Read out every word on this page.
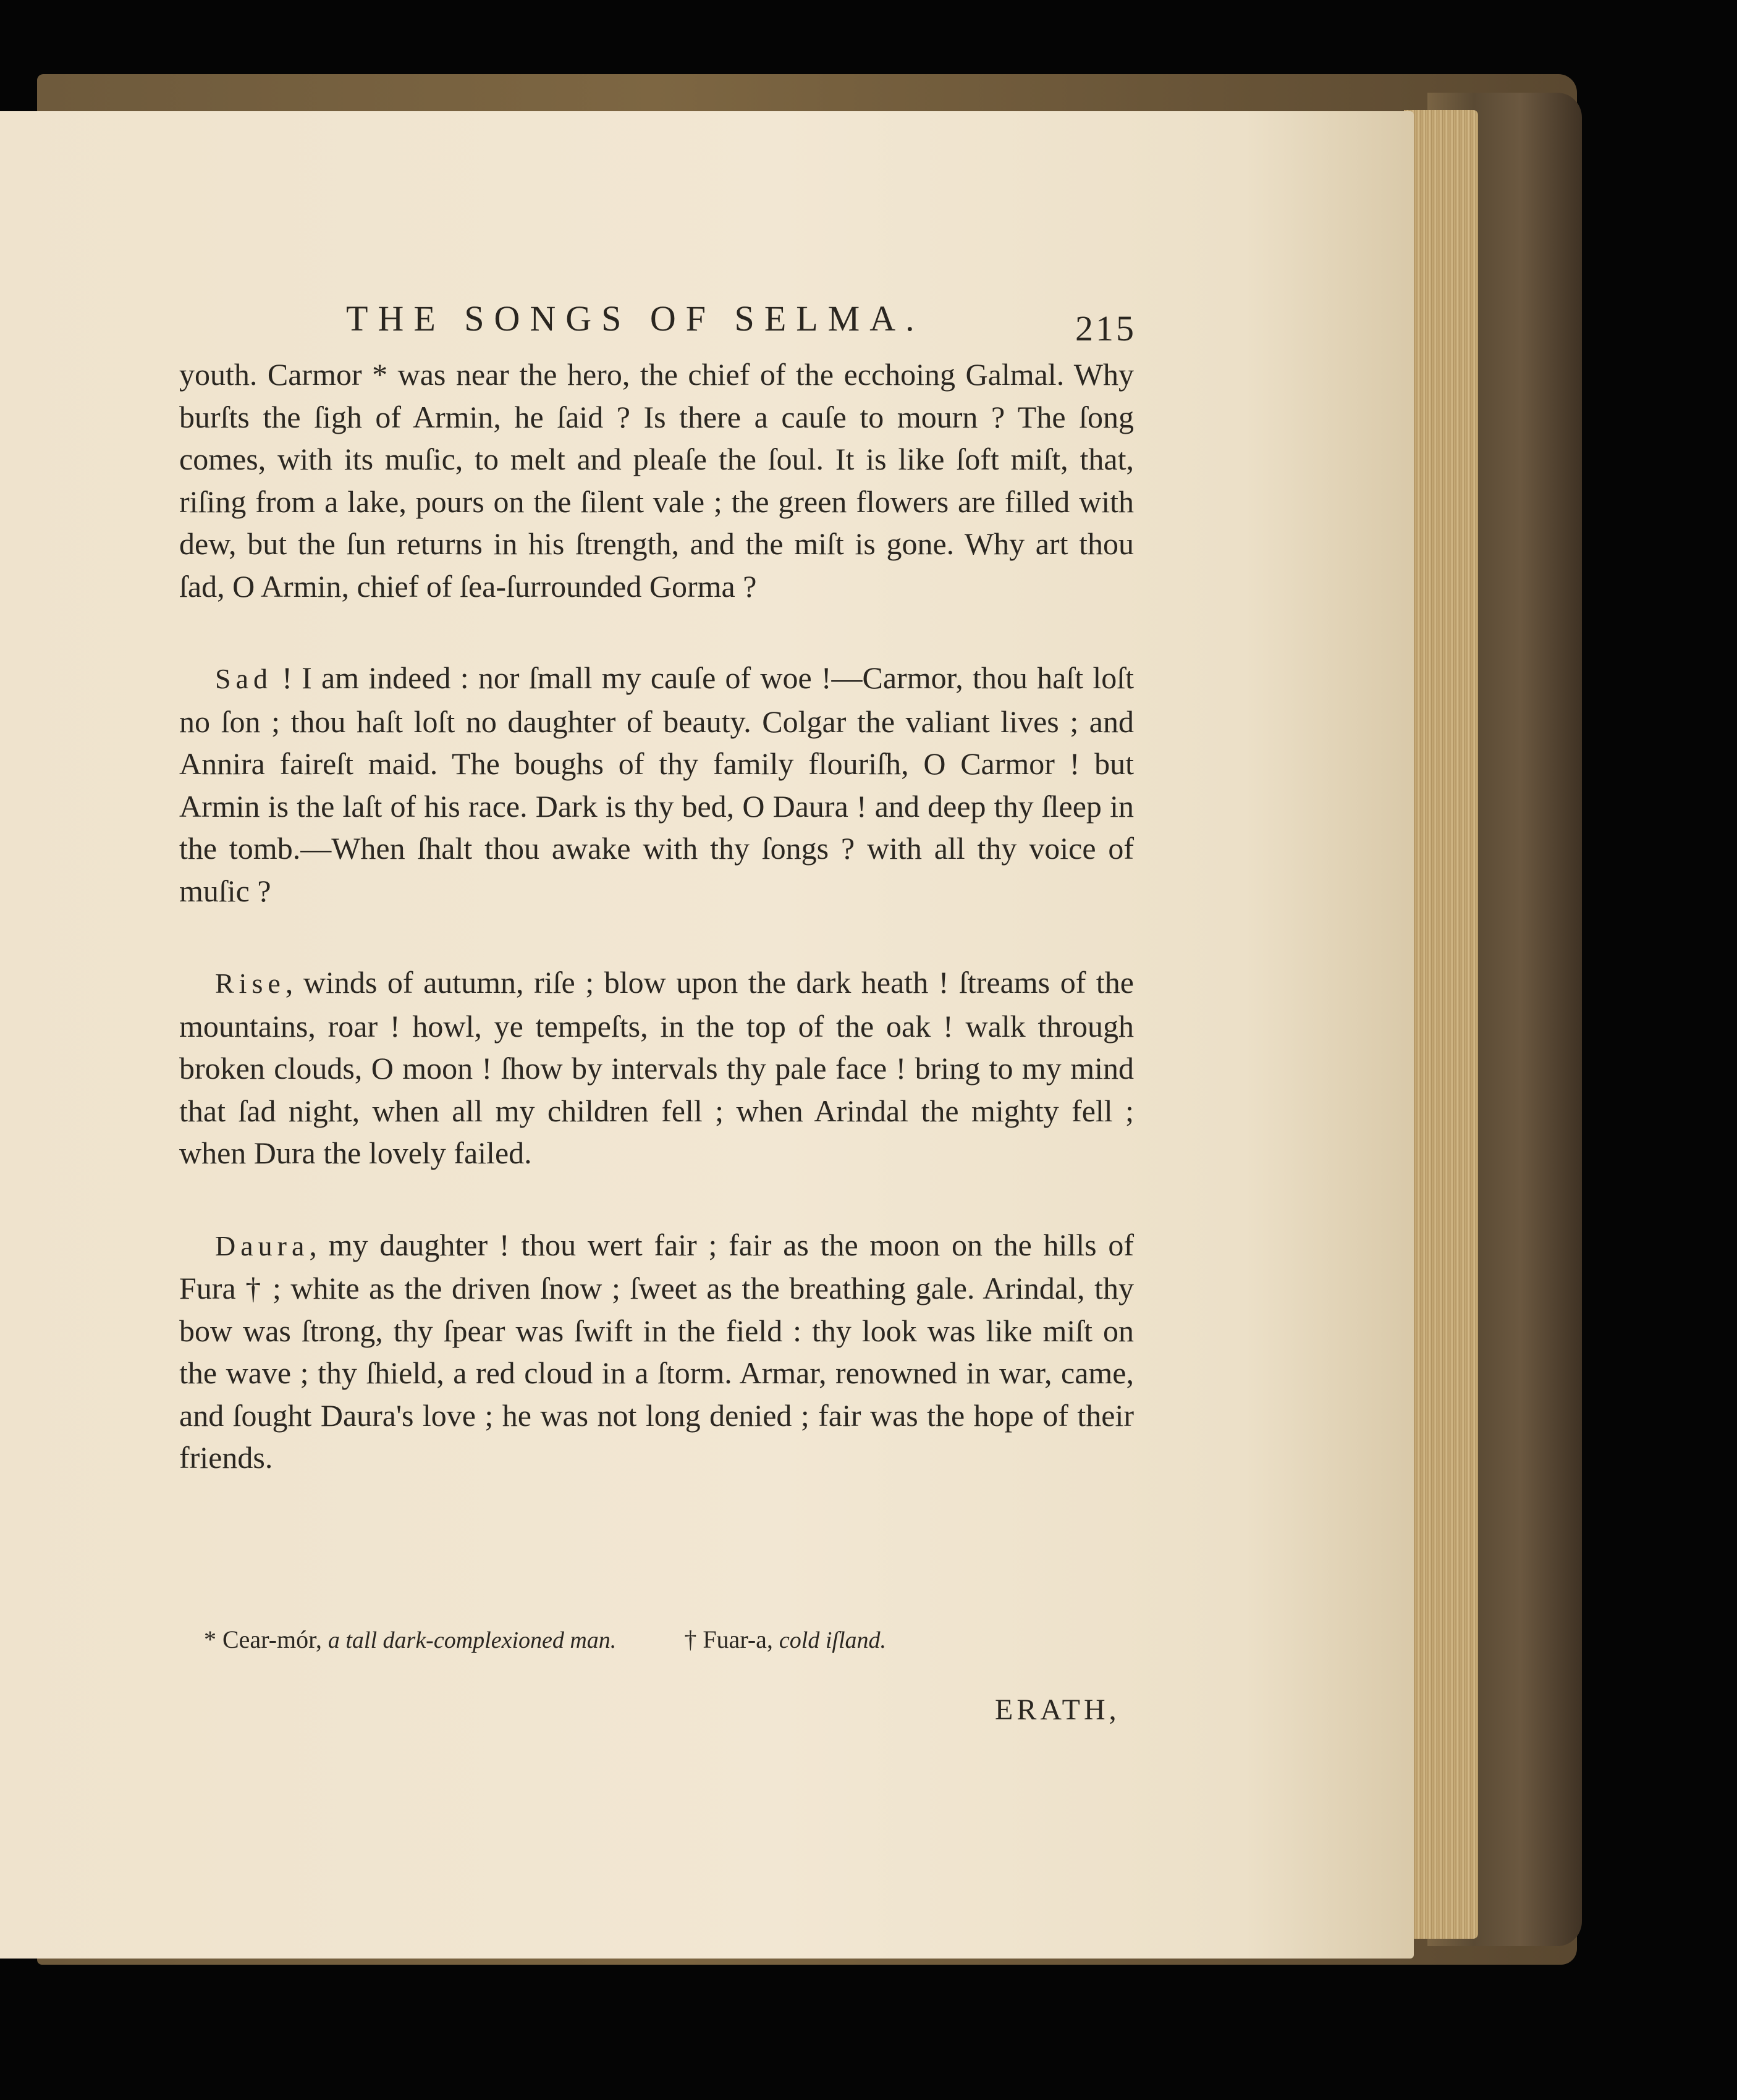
THE SONGS OF SELMA.	215

youth. Carmor * was near the hero, the chief of the ecchoing Galmal. Why burſts the ſigh of Armin, he ſaid ? Is there a cauſe to mourn ? The ſong comes, with its muſic, to melt and pleaſe the ſoul. It is like ſoft miſt, that, riſing from a lake, pours on the ſilent vale ; the green flowers are filled with dew, but the ſun returns in his ſtrength, and the miſt is gone. Why art thou ſad, O Armin, chief of ſea-ſurrounded Gorma ?

Sad ! I am indeed : nor ſmall my cauſe of woe !—Carmor, thou haſt loſt no ſon ; thou haſt loſt no daughter of beauty. Colgar the valiant lives ; and Annira faireſt maid. The boughs of thy family flouriſh, O Carmor ! but Armin is the laſt of his race. Dark is thy bed, O Daura ! and deep thy ſleep in the tomb.—When ſhalt thou awake with thy ſongs ? with all thy voice of muſic ?

Rise, winds of autumn, riſe ; blow upon the dark heath ! ſtreams of the mountains, roar ! howl, ye tempeſts, in the top of the oak ! walk through broken clouds, O moon ! ſhow by intervals thy pale face ! bring to my mind that ſad night, when all my children fell ; when Arindal the mighty fell ; when Dura the lovely failed.

Daura, my daughter ! thou wert fair ; fair as the moon on the hills of Fura † ; white as the driven ſnow ; ſweet as the breathing gale. Arindal, thy bow was ſtrong, thy ſpear was ſwift in the field : thy look was like miſt on the wave ; thy ſhield, a red cloud in a ſtorm. Armar, renowned in war, came, and ſought Daura's love ; he was not long denied ; fair was the hope of their friends.

* Cear-mór, a tall dark-complexioned man.	† Fuar-a, cold iſland.
ERATH,
